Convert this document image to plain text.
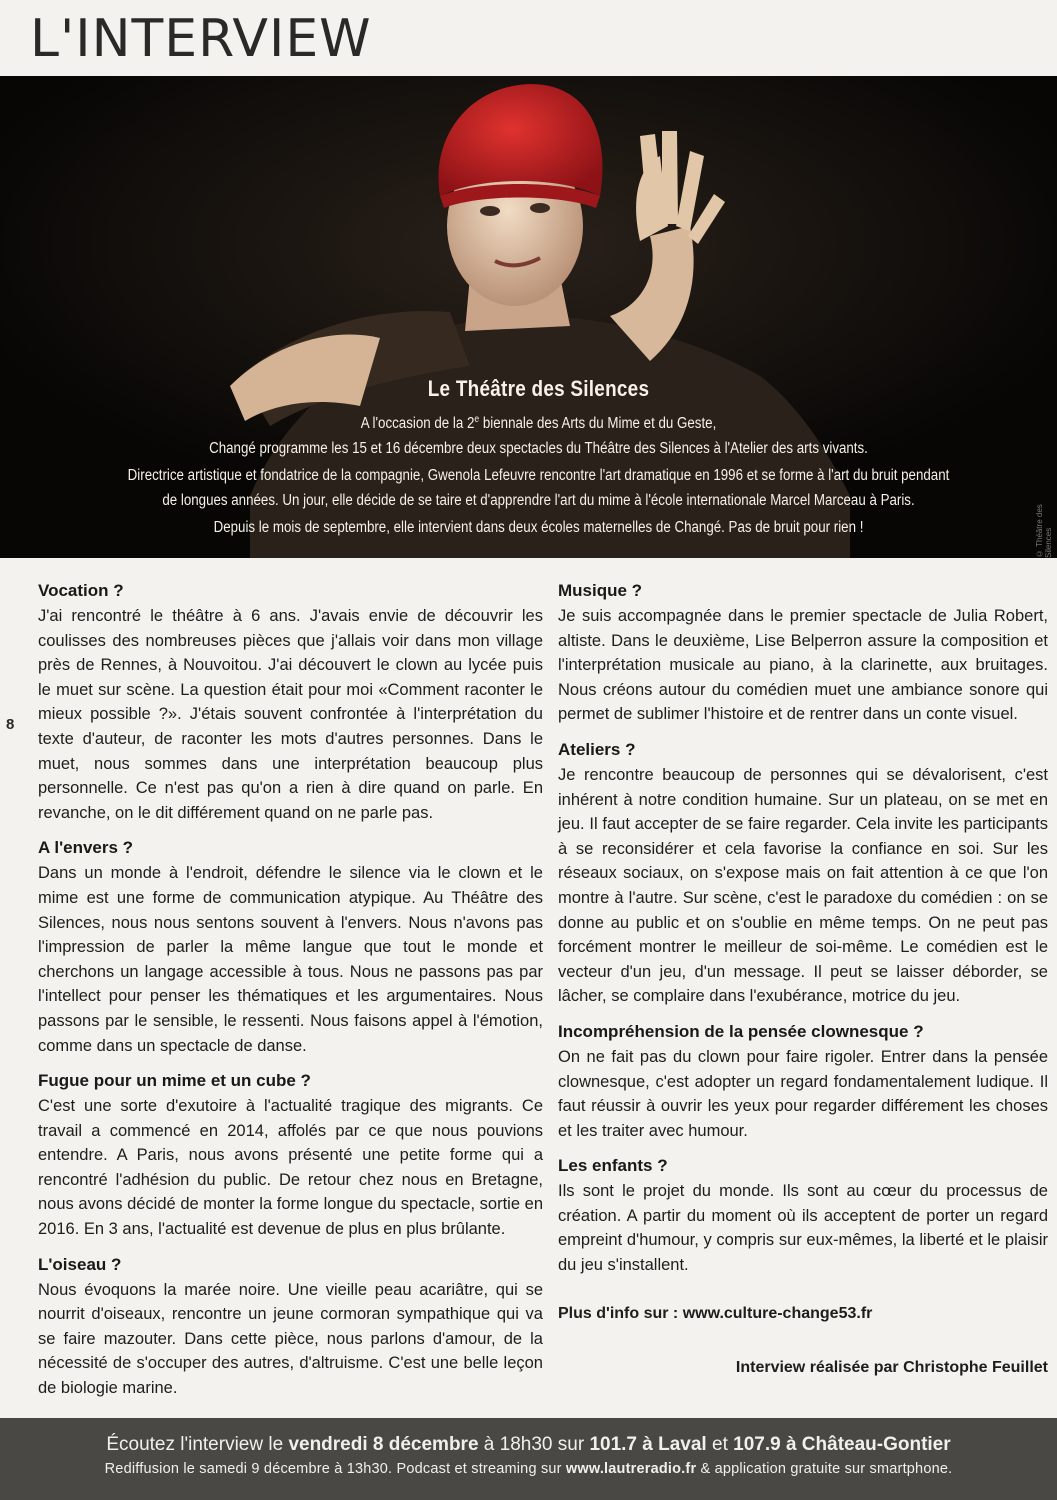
L'INTERVIEW
Le Théâtre des Silences

A l'occasion de la 2e biennale des Arts du Mime et du Geste,
Changé programme les 15 et 16 décembre deux spectacles du Théâtre des Silences à l'Atelier des arts vivants.

Directrice artistique et fondatrice de la compagnie, Gwenola Lefeuvre rencontre l'art dramatique en 1996 et se forme à l'art du bruit pendant de longues années. Un jour, elle décide de se taire et d'apprendre l'art du mime à l'école internationale Marcel Marceau à Paris.

Depuis le mois de septembre, elle intervient dans deux écoles maternelles de Changé. Pas de bruit pour rien !	© Théâtre des Silences
8
Vocation ?

J'ai rencontré le théâtre à 6 ans. J'avais envie de découvrir les coulisses des nombreuses pièces que j'allais voir dans mon village près de Rennes, à Nouvoitou. J'ai découvert le clown au lycée puis le muet sur scène. La question était pour moi «Comment raconter le mieux possible ?». J'étais souvent confrontée à l'interprétation du texte d'auteur, de raconter les mots d'autres personnes. Dans le muet, nous sommes dans une interprétation beaucoup plus personnelle. Ce n'est pas qu'on a rien à dire quand on parle. En revanche, on le dit différement quand on ne parle pas.

A l'envers ?

Dans un monde à l'endroit, défendre le silence via le clown et le mime est une forme de communication atypique. Au Théâtre des Silences, nous nous sentons souvent à l'envers. Nous n'avons pas l'impression de parler la même langue que tout le monde et cherchons un langage accessible à tous. Nous ne passons pas par l'intellect pour penser les thématiques et les argumentaires. Nous passons par le sensible, le ressenti. Nous faisons appel à l'émotion, comme dans un spectacle de danse.

Fugue pour un mime et un cube ?

C'est une sorte d'exutoire à l'actualité tragique des migrants. Ce travail a commencé en 2014, affolés par ce que nous pouvions entendre. A Paris, nous avons présenté une petite forme qui a rencontré l'adhésion du public. De retour chez nous en Bretagne, nous avons décidé de monter la forme longue du spectacle, sortie en 2016. En 3 ans, l'actualité est devenue de plus en plus brûlante.

L'oiseau ?

Nous évoquons la marée noire. Une vieille peau acariâtre, qui se nourrit d'oiseaux, rencontre un jeune cormoran sympathique qui va se faire mazouter. Dans cette pièce, nous parlons d'amour, de la nécessité de s'occuper des autres, d'altruisme. C'est une belle leçon de biologie marine.

Musique ?

Je suis accompagnée dans le premier spectacle de Julia Robert, altiste. Dans le deuxième, Lise Belperron assure la composition et l'interprétation musicale au piano, à la clarinette, aux bruitages. Nous créons autour du comédien muet une ambiance sonore qui permet de sublimer l'histoire et de rentrer dans un conte visuel.

Ateliers ?

Je rencontre beaucoup de personnes qui se dévalorisent, c'est inhérent à notre condition humaine. Sur un plateau, on se met en jeu. Il faut accepter de se faire regarder. Cela invite les participants à se reconsidérer et cela favorise la confiance en soi. Sur les réseaux sociaux, on s'expose mais on fait attention à ce que l'on montre à l'autre. Sur scène, c'est le paradoxe du comédien : on se donne au public et on s'oublie en même temps. On ne peut pas forcément montrer le meilleur de soi-même. Le comédien est le vecteur d'un jeu, d'un message. Il peut se laisser déborder, se lâcher, se complaire dans l'exubérance, motrice du jeu.

Incompréhension de la pensée clownesque ?

On ne fait pas du clown pour faire rigoler. Entrer dans la pensée clownesque, c'est adopter un regard fondamentalement ludique. Il faut réussir à ouvrir les yeux pour regarder différement les choses et les traiter avec humour.

Les enfants ?

Ils sont le projet du monde. Ils sont au cœur du processus de création. A partir du moment où ils acceptent de porter un regard empreint d'humour, y compris sur eux-mêmes, la liberté et le plaisir du jeu s'installent.

Plus d'info sur : www.culture-change53.fr
Interview réalisée par Christophe Feuillet
Écoutez l'interview le vendredi 8 décembre à 18h30 sur 101.7 à Laval et 107.9 à Château-Gontier
Rediffusion le samedi 9 décembre à 13h30. Podcast et streaming sur www.lautreradio.fr & application gratuite sur smartphone.
